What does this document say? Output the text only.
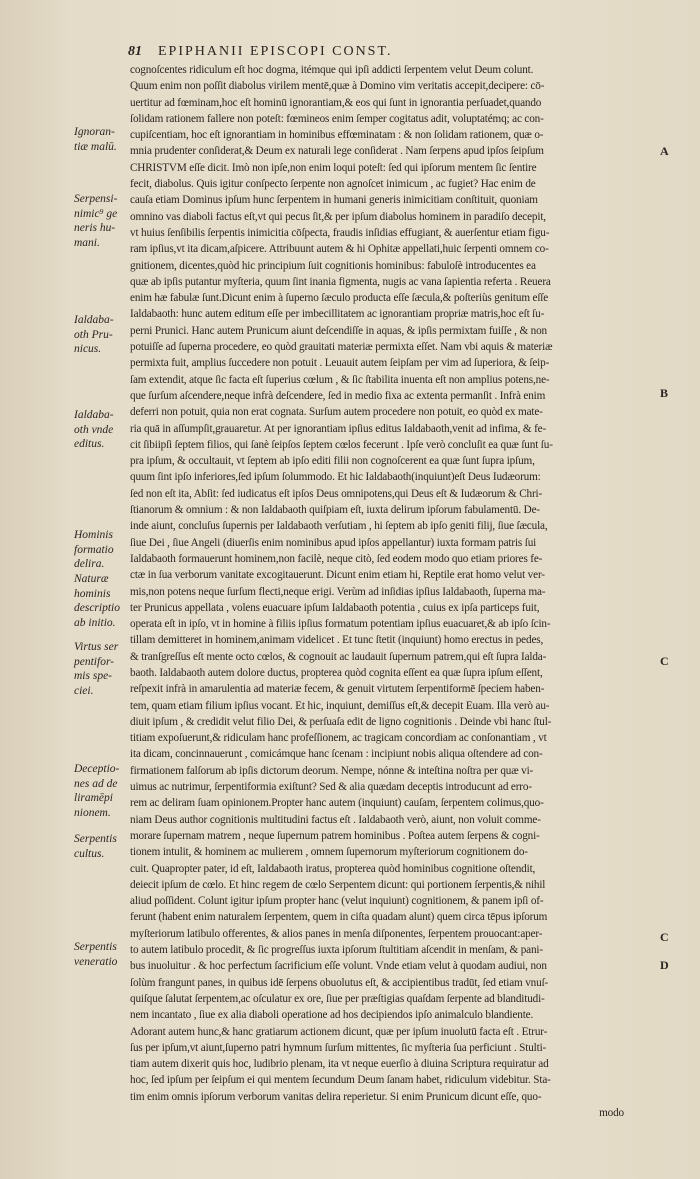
81 EPIPHANII EPISCOPI CONST.
Ignoran-
tiæ malū.
Serpensi-
nimic⁹ ge
neris hu-
mani.
Ialdaba-
oth Pru-
nicus.
Ialdaba-
oth vnde
editus.
Hominis
formatio
delira.
Naturæ
hominis
descriptio
ab initio.
Virtus ser
pentifor-
mis spe-
ciei.
Deceptio-
nes ad de
liramēpi
nionem.
Serpentis
cultus.
Serpentis
veneratio
A
B
C
C
D
cognoſcentes ridiculum eſt hoc dogma, itémque qui ipſi addicti ſerpentem velut Deum colunt.
Quum enim non poſſit diabolus virilem mentē,quæ à Domino vim veritatis accepit,decipere: cō-
uertitur ad fœminam,hoc eſt hominū ignorantiam,& eos qui ſunt in ignorantia perſuadet,quando
ſolidam rationem fallere non poteſt: fœmineos enim ſemper cogitatus adit, voluptatémq; ac con-
cupiſcentiam, hoc eſt ignorantiam in hominibus effœminatam : & non ſolidam rationem, quæ o-
mnia prudenter conſiderat,& Deum ex naturali lege conſiderat . Nam ſerpens apud ipſos ſeipſum
CHRISTVM eſſe dicit. Imò non ipſe,non enim loqui poteſt: ſed qui ipſorum mentem ſic ſentire
fecit, diabolus. Quis igitur conſpecto ſerpente non agnoſcet inimicum , ac fugiet? Hac enim de
cauſa etiam Dominus ipſum hunc ſerpentem in humani generis inimicitiam conſtituit, quoniam
omnino vas diaboli factus eſt,vt qui pecus ſit,& per ipſum diabolus hominem in paradiſo decepit,
vt huius ſenſibilis ſerpentis inimicitia cōſpecta, fraudis inſidias effugiant, & auerſentur etiam figu-
ram ipſius,vt ita dicam,aſpicere. Attribuunt autem & hi Ophitæ appellati,huic ſerpenti omnem co-
gnitionem, dicentes,quòd hic principium ſuit cognitionis hominibus: fabuloſè introducentes ea
quæ ab ipſis putantur myſteria, quum ſint inania figmenta, nugis ac vana ſapientia referta . Reuera
enim hæ fabulæ ſunt.Dicunt enim à ſuperno ſæculo producta eſſe ſæcula,& poſteriùs genitum eſſe
Ialdabaoth: hunc autem editum eſſe per imbecillitatem ac ignorantiam propriæ matris,hoc eſt ſu-
perni Prunici. Hanc autem Prunicum aiunt deſcendiſſe in aquas, & ipſis permixtam fuiſſe , & non
potuiſſe ad ſuperna procedere, eo quòd grauitati materiæ permixta eſſet. Nam vbi aquis & materiæ
permixta fuit, amplius ſuccedere non potuit . Leuauit autem ſeipſam per vim ad ſuperiora, & ſeip-
ſam extendit, atque ſic facta eſt ſuperius cœlum , & ſic ſtabilita inuenta eſt non amplius potens,ne-
que ſurſum aſcendere,neque infrà deſcendere, ſed in medio fixa ac extenta permanſit . Infrà enim
deferri non potuit, quia non erat cognata. Surſum autem procedere non potuit, eo quòd ex mate-
ria quā in aſſumpſit,grauaretur. At per ignorantiam ipſius editus Ialdabaoth,venit ad infima, & fe-
cit ſibiipſi ſeptem filios, qui ſanè ſeipſos ſeptem cœlos fecerunt . Ipſe verò concluſit ea quæ ſunt ſu-
pra ipſum, & occultauit, vt ſeptem ab ipſo editi filii non cognoſcerent ea quæ ſunt ſupra ipſum,
quum ſint ipſo inferiores,ſed ipſum ſolummodo. Et hic Ialdabaoth(inquiunt)eſt Deus Iudæorum:
ſed non eſt ita, Abſit: ſed iudicatus eſt ipſos Deus omnipotens,qui Deus eſt & Iudæorum & Chri-
ſtianorum & omnium : & non Ialdabaoth quiſpiam eſt, iuxta delirum ipſorum fabulamentū. De-
inde aiunt, concluſus ſupernis per Ialdabaoth verſutiam , hi ſeptem ab ipſo geniti filij, ſiue ſæcula,
ſiue Dei , ſiue Angeli (diuerſis enim nominibus apud ipſos appellantur) iuxta formam patris ſui
Ialdabaoth formauerunt hominem,non facilè, neque citò, ſed eodem modo quo etiam priores fe-
ctæ in ſua verborum vanitate excogitauerunt. Dicunt enim etiam hi, Reptile erat homo velut ver-
mis,non potens neque ſurſum flecti,neque erigi. Verùm ad inſidias ipſius Ialdabaoth, ſuperna ma-
ter Prunicus appellata , volens euacuare ipſum Ialdabaoth potentia , cuius ex ipſa particeps fuit,
operata eſt in ipſo, vt in homine à filiis ipſius formatum potentiam ipſius euacuaret,& ab ipſo ſcin-
tillam demitteret in hominem,animam videlicet . Et tunc ſtetit (inquiunt) homo erectus in pedes,
& tranſgreſſus eſt mente octo cœlos, & cognouit ac laudauit ſupernum patrem,qui eſt ſupra Ialda-
baoth. Ialdabaoth autem dolore ductus, propterea quòd cognita eſſent ea quæ ſupra ipſum eſſent,
reſpexit infrà in amarulentia ad materiæ fecem, & genuit virtutem ſerpentiformē ſpeciem haben-
tem, quam etiam filium ipſius vocant. Et hic, inquiunt, demiſſus eſt,& decepit Euam. Illa verò au-
diuit ipſum , & credidit velut filio Dei, & perſuaſa edit de ligno cognitionis . Deinde vbi hanc ſtul-
titiam expoſuerunt,& ridiculam hanc profeſſionem, ac tragicam concordiam ac conſonantiam , vt
ita dicam, concinnauerunt , comicámque hanc ſcenam : incipiunt nobis aliqua oſtendere ad con-
firmationem falſorum ab ipſis dictorum deorum. Nempe, nónne & inteſtina noſtra per quæ vi-
uimus ac nutrimur, ſerpentiformia exiſtunt? Sed & alia quædam deceptis introducunt ad erro-
rem ac deliram ſuam opinionem.Propter hanc autem (inquiunt) cauſam, ſerpentem colimus,quo-
niam Deus author cognitionis multitudini factus eſt . Ialdabaoth verò, aiunt, non voluit comme-
morare ſupernam matrem , neque ſupernum patrem hominibus . Poſtea autem ſerpens & cogni-
tionem intulit, & hominem ac mulierem , omnem ſupernorum myſteriorum cognitionem do-
cuit. Quapropter pater, id eſt, Ialdabaoth iratus, propterea quòd hominibus cognitione oſtendit,
deiecit ipſum de cœlo. Et hinc regem de cœlo Serpentem dicunt: qui portionem ſerpentis,& nihil
aliud poſſident. Colunt igitur ipſum propter hanc (velut inquiunt) cognitionem, & panem ipſi of-
ferunt (habent enim naturalem ſerpentem, quem in ciſta quadam alunt) quem circa tēpus ipſorum
myſteriorum latibulo offerentes, & alios panes in menſa diſponentes, ſerpentem prouocant:aper-
to autem latibulo procedit, & ſic progreſſus iuxta ipſorum ſtultitiam aſcendit in menſam, & pani-
bus inuoluitur . & hoc perfectum ſacrificium eſſe volunt. Vnde etiam velut à quodam audiui, non
ſolùm frangunt panes, in quibus idē ſerpens obuolutus eſt, & accipientibus tradūt, ſed etiam vnuſ-
quiſque ſalutat ſerpentem,ac oſculatur ex ore, ſiue per præſtigias quaſdam ſerpente ad blanditudi-
nem incantato , ſiue ex alia diaboli operatione ad hos decipiendos ipſo animalculo blandiente.
Adorant autem hunc,& hanc gratiarum actionem dicunt, quæ per ipſum inuolutū facta eſt . Etrur-
ſus per ipſum,vt aiunt,ſuperno patri hymnum ſurſum mittentes, ſic myſteria ſua perficiunt . Stulti-
tiam autem dixerit quis hoc, ludibrio plenam, ita vt neque euerſio à diuina Scriptura requiratur ad
hoc, ſed ipſum per ſeipſum ei qui mentem ſecundum Deum ſanam habet, ridiculum videbitur. Sta-
tim enim omnis ipſorum verborum vanitas delira reperietur. Si enim Prunicum dicunt eſſe, quo-
modo
